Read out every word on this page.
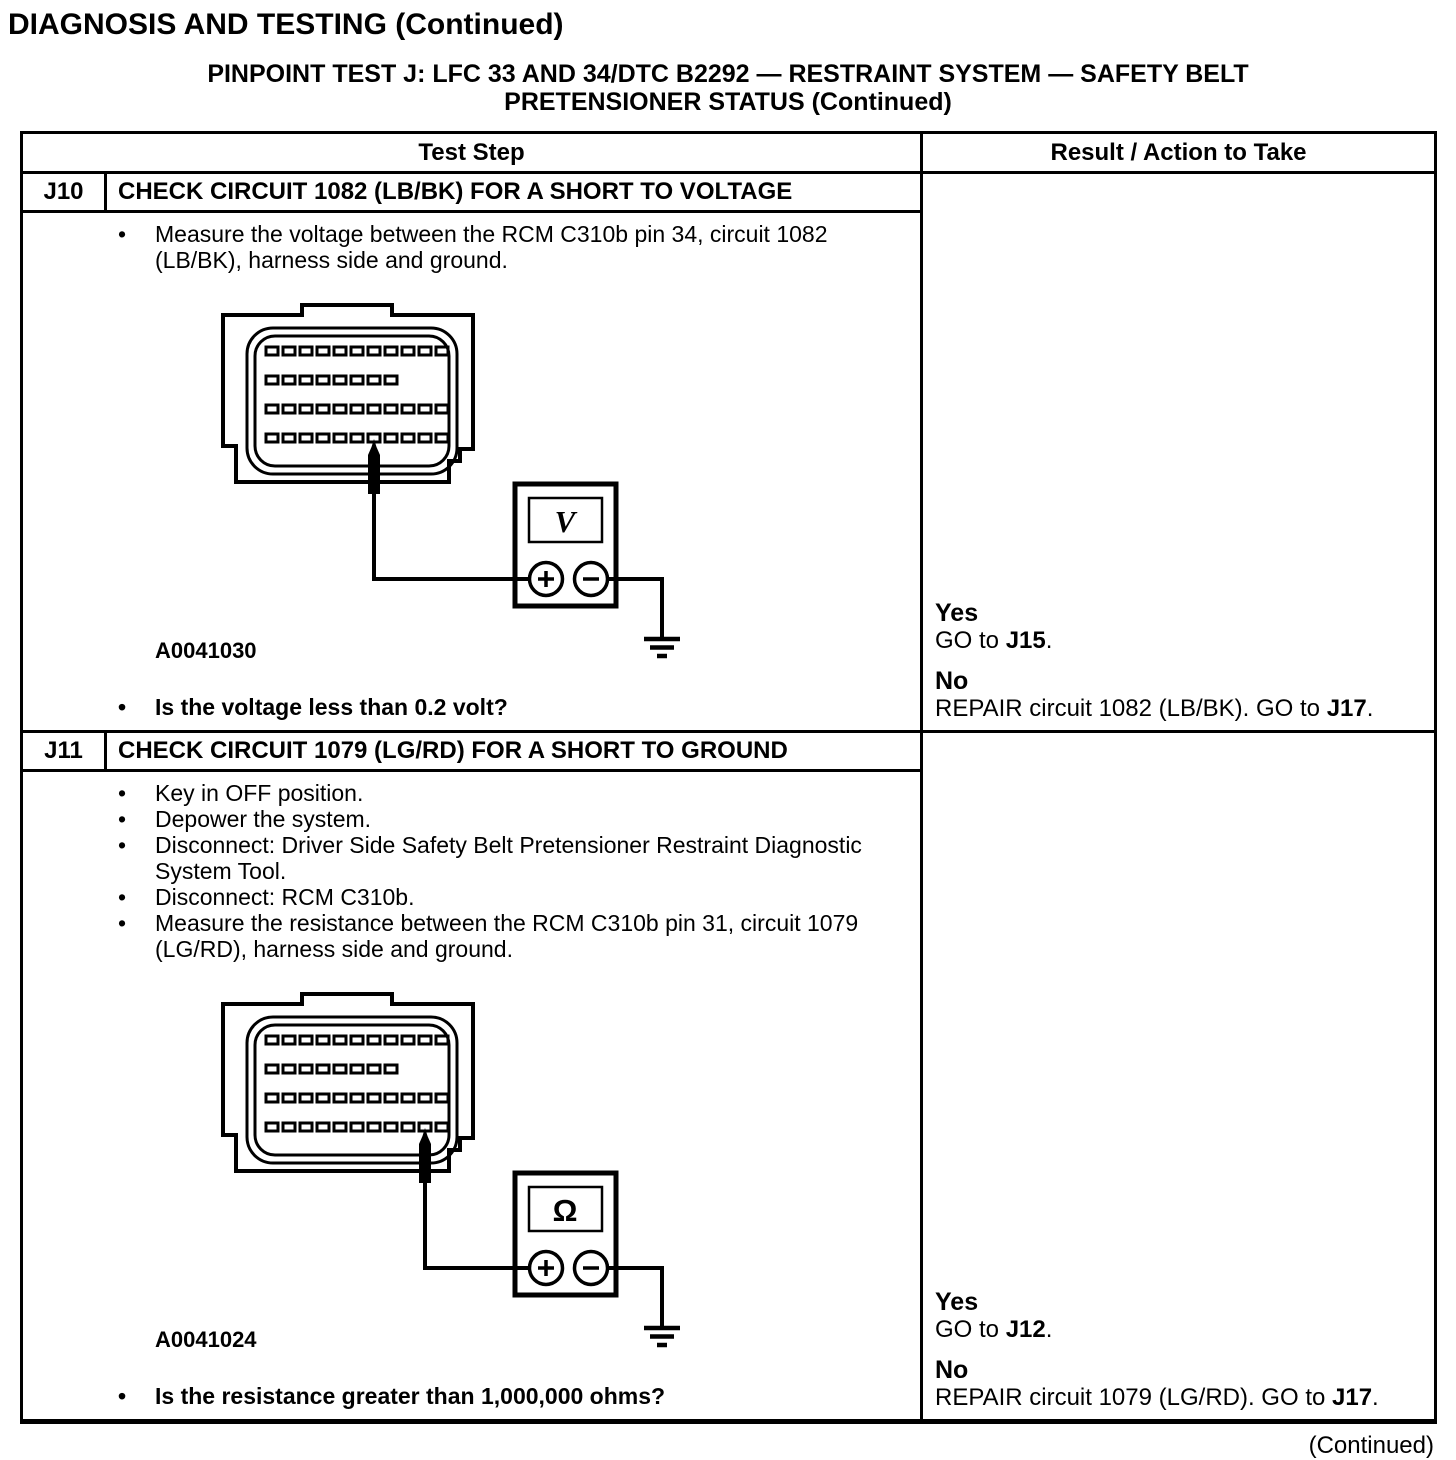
DIAGNOSIS AND TESTING (Continued)
PINPOINT TEST J: LFC 33 AND 34/DTC B2292 — RESTRAINT SYSTEM — SAFETY BELT PRETENSIONER STATUS (Continued)
Test Step	Result / Action to Take
J10	CHECK CIRCUIT 1082 (LB/BK) FOR A SHORT TO VOLTAGE
• Measure the voltage between the RCM C310b pin 34, circuit 1082 (LB/BK), harness side and ground.
V
A0041030
• Is the voltage less than 0.2 volt?
Yes
GO to J15.
No
REPAIR circuit 1082 (LB/BK). GO to J17.
J11	CHECK CIRCUIT 1079 (LG/RD) FOR A SHORT TO GROUND
• Key in OFF position.
• Depower the system.
• Disconnect: Driver Side Safety Belt Pretensioner Restraint Diagnostic System Tool.
• Disconnect: RCM C310b.
• Measure the resistance between the RCM C310b pin 31, circuit 1079 (LG/RD), harness side and ground.
Ω
A0041024
• Is the resistance greater than 1,000,000 ohms?
Yes
GO to J12.
No
REPAIR circuit 1079 (LG/RD). GO to J17.
(Continued)
